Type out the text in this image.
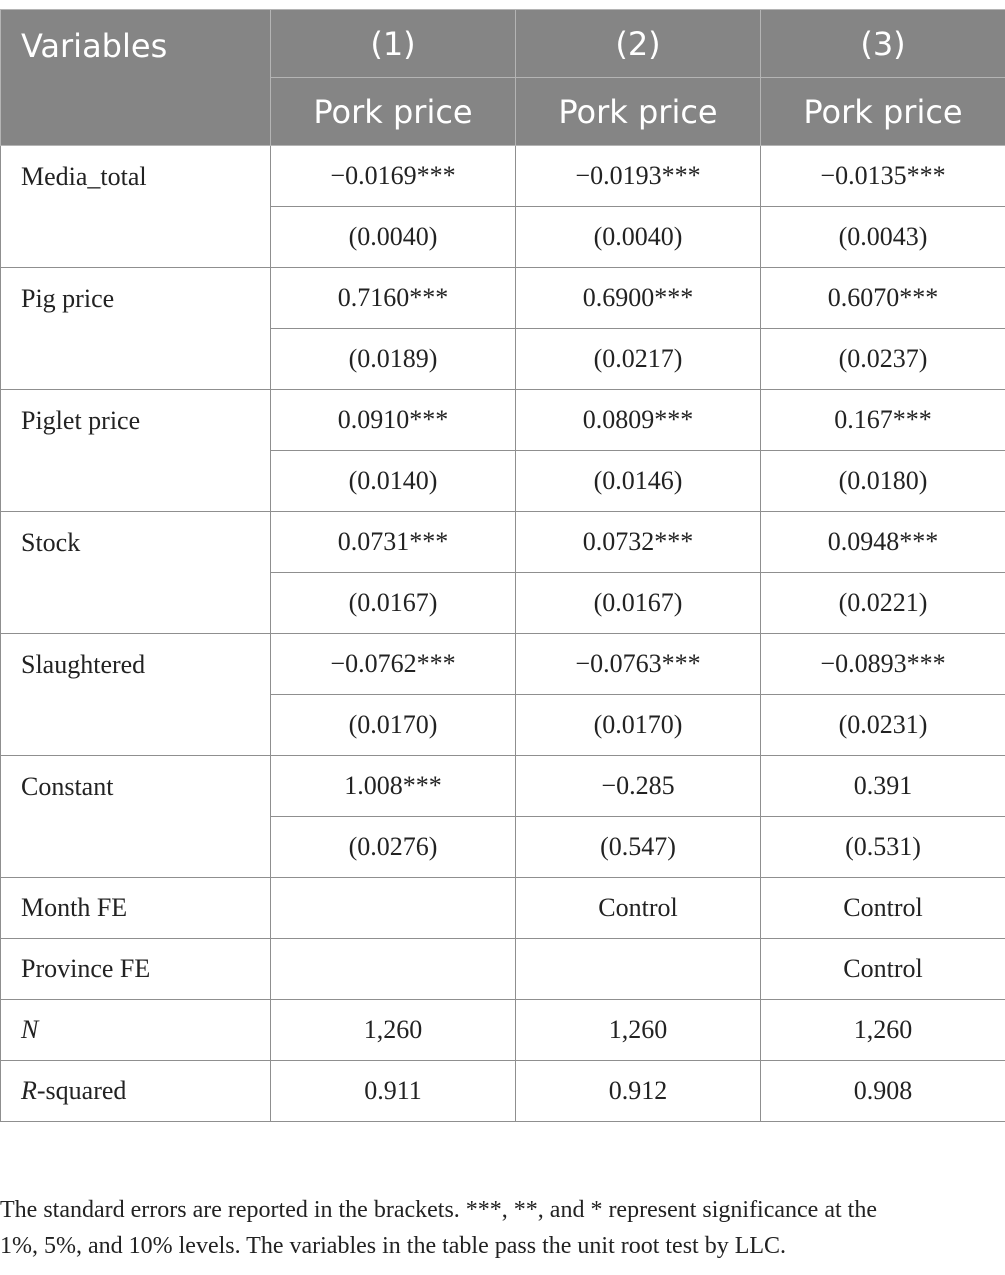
Variables	(1)	(2)	(3)
	Pork price	Pork price	Pork price
Media_total	−0.0169***	−0.0193***	−0.0135***
	(0.0040)	(0.0040)	(0.0043)
Pig price	0.7160***	0.6900***	0.6070***
	(0.0189)	(0.0217)	(0.0237)
Piglet price	0.0910***	0.0809***	0.167***
	(0.0140)	(0.0146)	(0.0180)
Stock	0.0731***	0.0732***	0.0948***
	(0.0167)	(0.0167)	(0.0221)
Slaughtered	−0.0762***	−0.0763***	−0.0893***
	(0.0170)	(0.0170)	(0.0231)
Constant	1.008***	−0.285	0.391
	(0.0276)	(0.547)	(0.531)
Month FE		Control	Control
Province FE			Control
N	1,260	1,260	1,260
R-squared	0.911	0.912	0.908

The standard errors are reported in the brackets. ***, **, and * represent significance at the

1%, 5%, and 10% levels. The variables in the table pass the unit root test by LLC.
